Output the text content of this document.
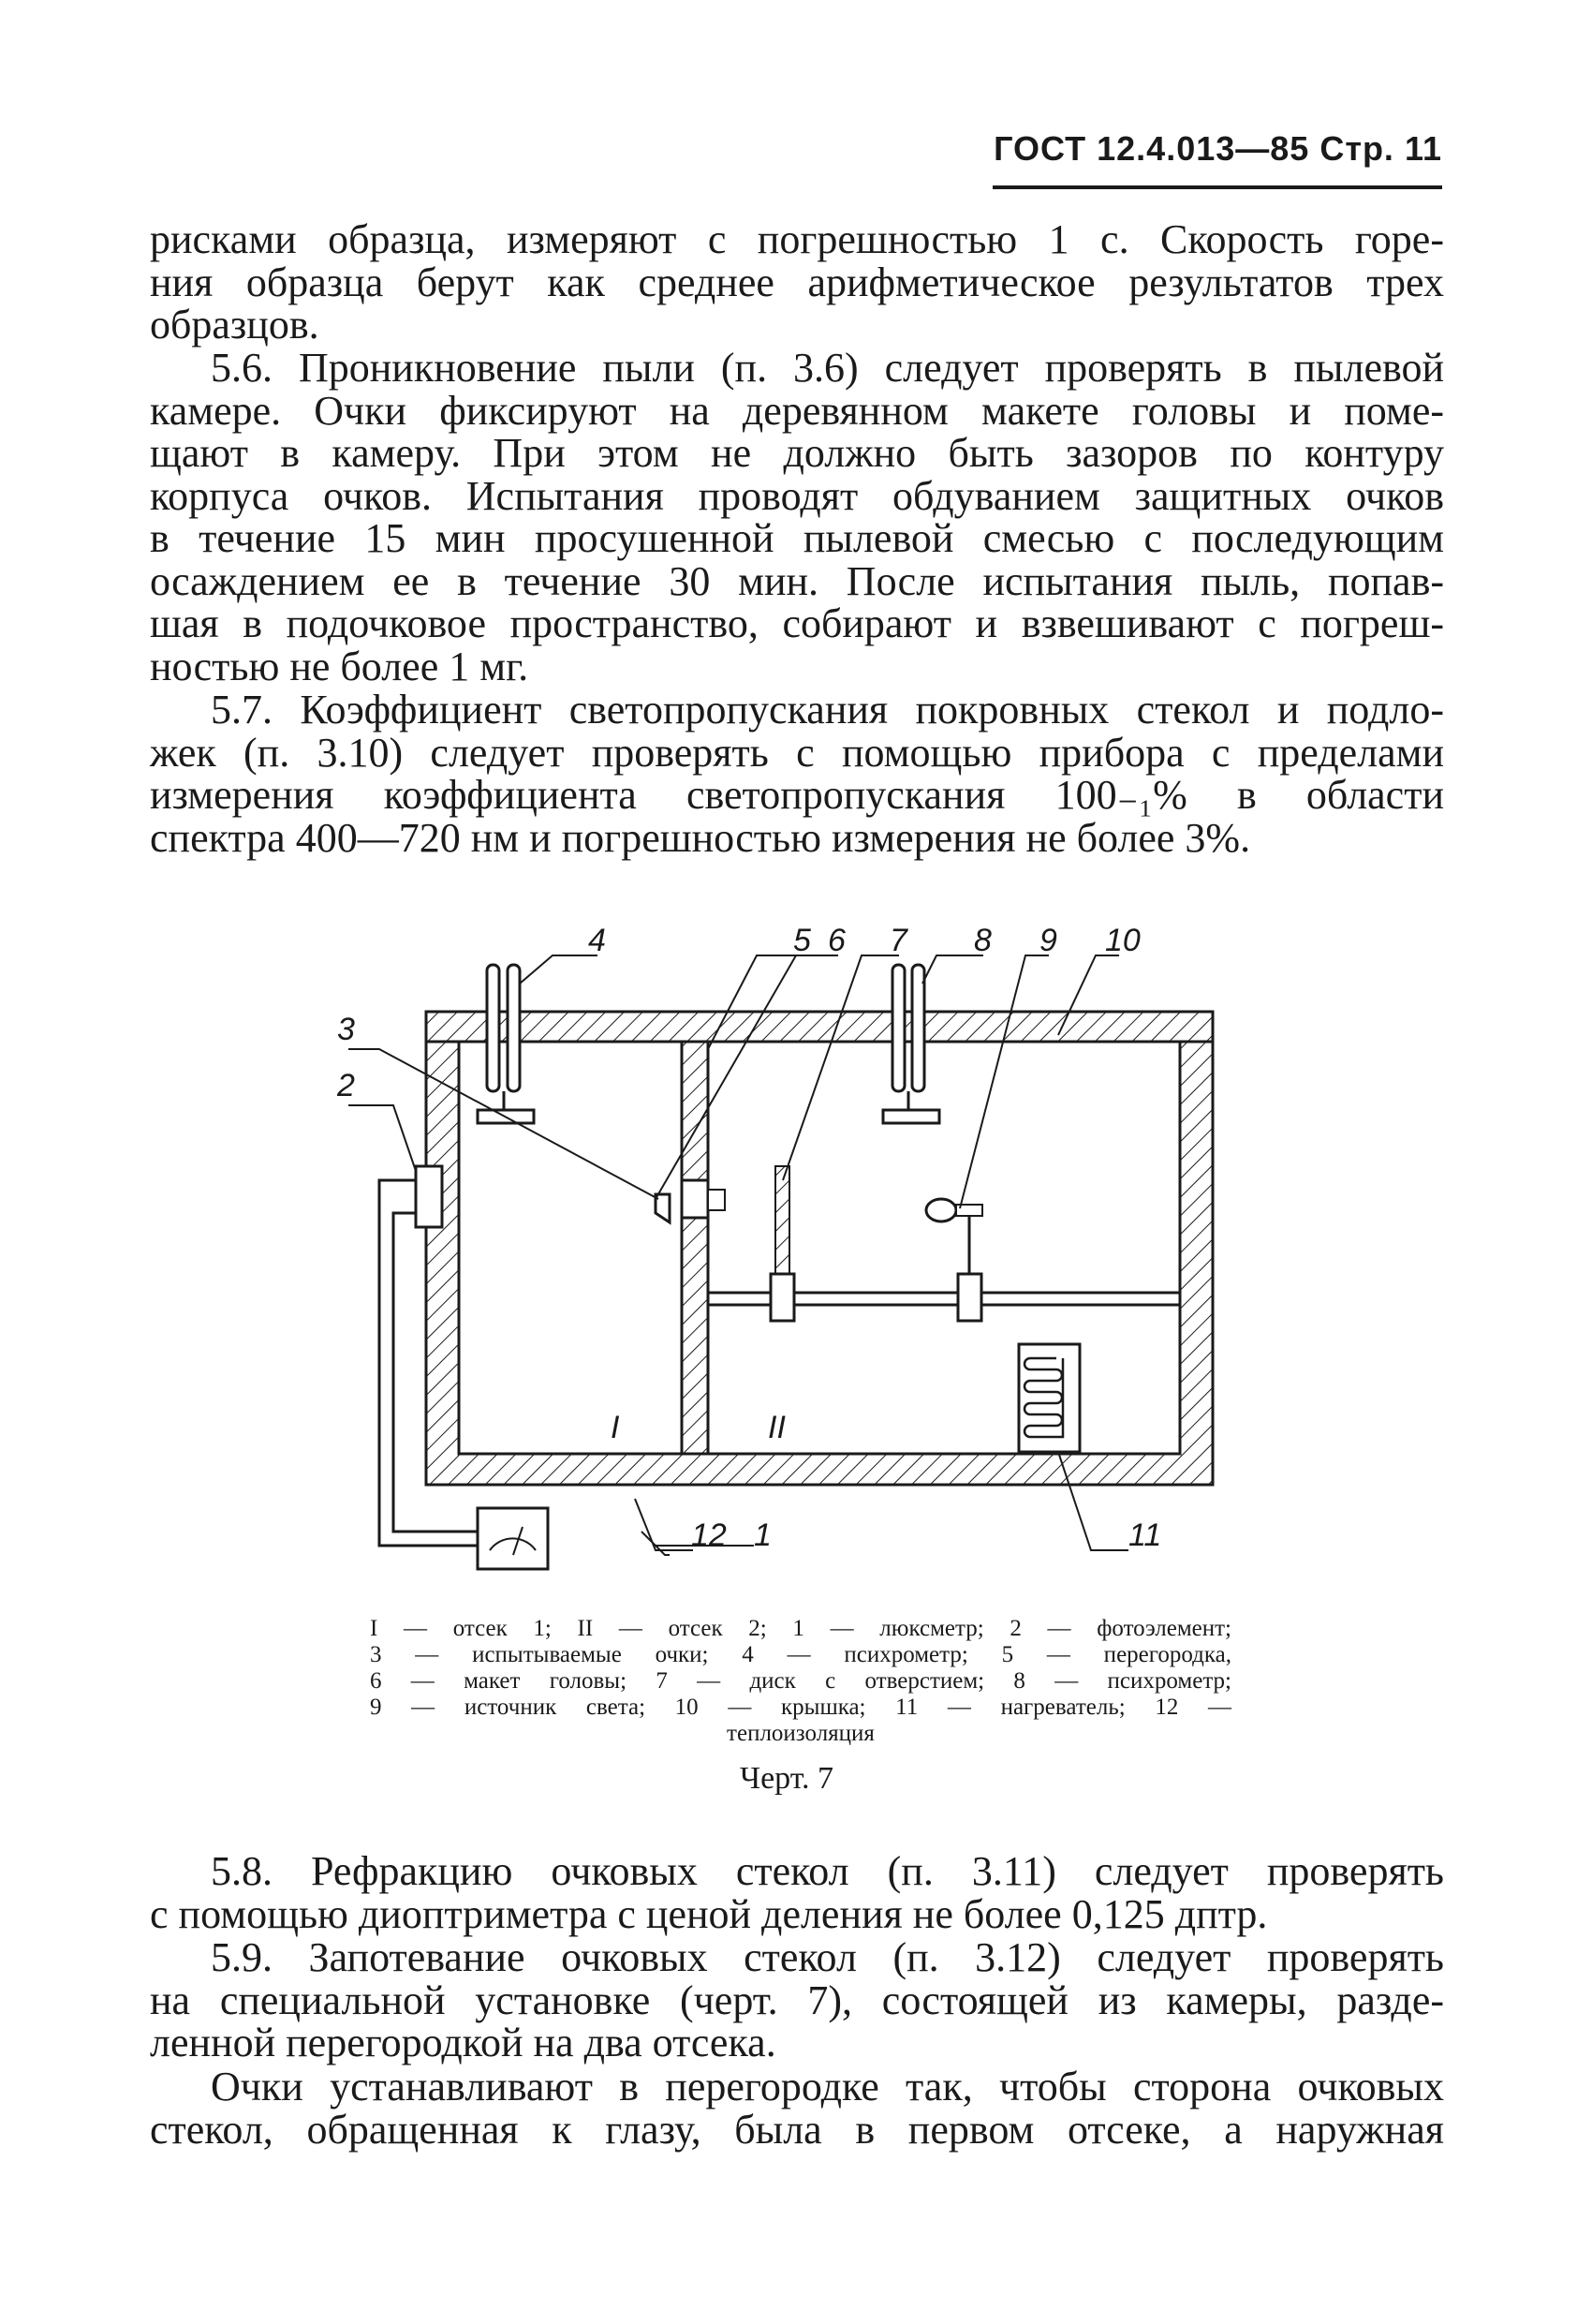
ГОСТ 12.4.013—85 Стр. 11

рисками образца, измеряют с погрешностью 1 с. Скорость горе-
ния образца берут как среднее арифметическое результатов трех
образцов.

5.6. Проникновение пыли (п. 3.6) следует проверять в пылевой
камере. Очки фиксируют на деревянном макете головы и поме-
щают в камеру. При этом не должно быть зазоров по контуру
корпуса очков. Испытания проводят обдуванием защитных очков
в течение 15 мин просушенной пылевой смесью с последующим
осаждением ее в течение 30 мин. После испытания пыль, попав-
шая в подочковое пространство, собирают и взвешивают с погреш-
ностью не более 1 мг.

5.7. Коэффициент светопропускания покровных стекол и подло-
жек (п. 3.10) следует проверять с помощью прибора с пределами
измерения коэффициента светопропускания 100₋₁% в области
спектра 400—720 нм и погрешностью измерения не более 3%.

3
2
4	5 6 7 8 9 10
I	II
1
12	11
I — отсек 1; II — отсек 2; 1 — люксметр; 2 — фотоэлемент;
3 — испытываемые очки; 4 — психрометр; 5 — перегородка,
6 — макет головы; 7 — диск с отверстием; 8 — психрометр;
9 — источник света; 10 — крышка; 11 — нагреватель; 12 —
теплоизоляция
Черт. 7

5.8. Рефракцию очковых стекол (п. 3.11) следует проверять
с помощью диоптриметра с ценой деления не более 0,125 дптр.

5.9. Запотевание очковых стекол (п. 3.12) следует проверять
на специальной установке (черт. 7), состоящей из камеры, разде-
ленной перегородкой на два отсека.

Очки устанавливают в перегородке так, чтобы сторона очковых
стекол, обращенная к глазу, была в первом отсеке, а наружная
